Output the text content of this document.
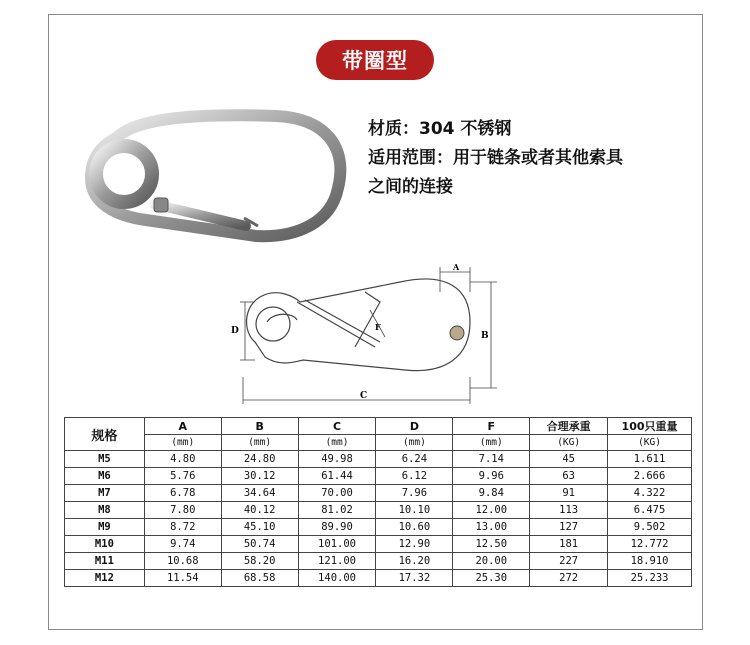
带圈型
材质：304 不锈钢
适用范围：用于链条或者其他索具
之间的连接
D	B
C
A
F
规格	A	B	C	D	F	合理承重	100只重量
	(mm)	(mm)	(mm)	(mm)	(mm)	(KG)	(KG)
M5	4.80	24.80	49.98	6.24	7.14	45	1.611
M6	5.76	30.12	61.44	6.12	9.96	63	2.666
M7	6.78	34.64	70.00	7.96	9.84	91	4.322
M8	7.80	40.12	81.02	10.10	12.00	113	6.475
M9	8.72	45.10	89.90	10.60	13.00	127	9.502
M10	9.74	50.74	101.00	12.90	12.50	181	12.772
M11	10.68	58.20	121.00	16.20	20.00	227	18.910
M12	11.54	68.58	140.00	17.32	25.30	272	25.233
